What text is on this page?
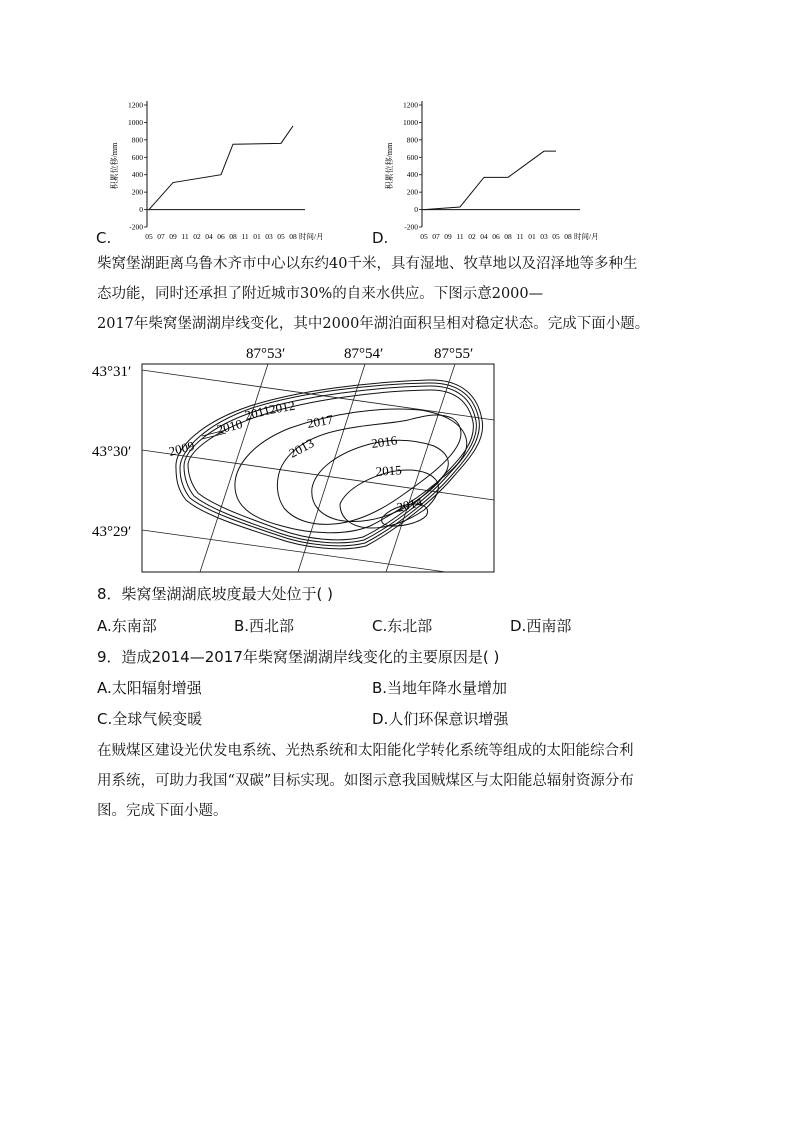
-200
0
200
400
600
800
1000
1200
05 07 09 11 02 04 06 08 11 01 03 05 08 时间/月
积累位移/mm
C.
-200
0
200
400
600
800
1000
1200
05 07 09 11 02 04 06 08 11 01 03 05 08 时间/月
积累位移/mm
D.
柴窝堡湖距离乌鲁木齐市中心以东约40千米，具有湿地、牧草地以及沼泽地等多种生
态功能，同时还承担了附近城市30%的自来水供应。下图示意2000—
2017年柴窝堡湖湖岸线变化，其中2000年湖泊面积呈相对稳定状态。完成下面小题。
87°53′	87°54′	87°55′
43°31′
43°30′
43°29′
2009
2010
2011
2012
2017
2013	2016
2015
2014
8．柴窝堡湖湖底坡度最大处位于( )
A.东南部	B.西北部	C.东北部	D.西南部
9．造成2014—2017年柴窝堡湖湖岸线变化的主要原因是( )
A.太阳辐射增强	B.当地年降水量增加
C.全球气候变暖	D.人们环保意识增强
在贼煤区建设光伏发电系统、光热系统和太阳能化学转化系统等组成的太阳能综合利
用系统，可助力我国“双碳”目标实现。如图示意我国贼煤区与太阳能总辐射资源分布
图。完成下面小题。
